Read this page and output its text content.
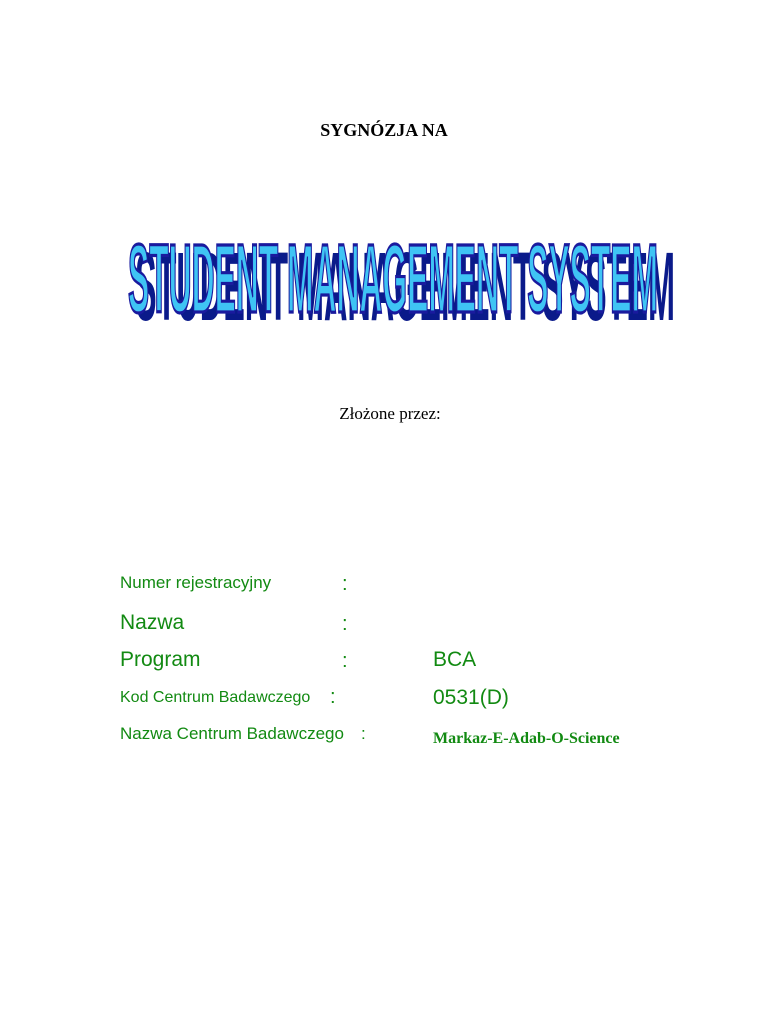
SYGNÓZJA NA
STUDENT MANAGEMENT SYSTEM
STUDENT MANAGEMENT SYSTEM
Złożone przez:
Numer rejestracyjny	:
Nazwa	:
Program	:	BCA
Kod Centrum Badawczego :	0531(D)
Nazwa Centrum Badawczego :	Markaz-E-Adab-O-Science
